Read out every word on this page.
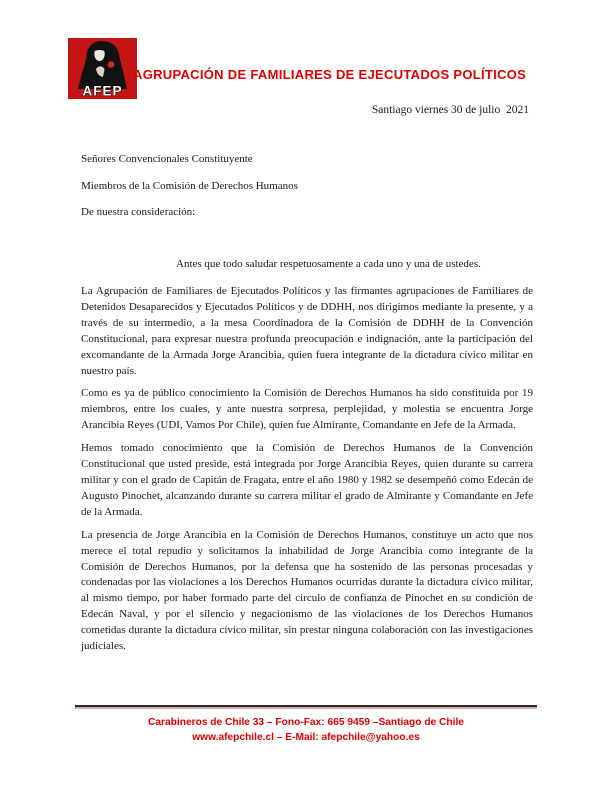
AFEP
AGRUPACIÓN DE FAMILIARES DE EJECUTADOS POLÍTICOS
Santiago viernes 30 de julio  2021
Señores Convencionales Constituyente
Miembros de la Comisión de Derechos Humanos
De nuestra consideración:
Antes que todo saludar respetuosamente a cada uno y una de ustedes.

La Agrupación de Familiares de Ejecutados Políticos y las firmantes agrupaciones de Familiares de Detenidos Desaparecidos y Ejecutados Políticos y de DDHH, nos dirigimos mediante la presente, y a través de su intermedio, a la mesa Coordinadora de la Comisión de DDHH de la Convención Constitucional, para expresar nuestra profunda preocupación e indignación, ante la participación del excomandante de la Armada Jorge Arancibia, quien fuera integrante de la dictadura cívico militar en nuestro país.

Como es ya de público conocimiento la Comisión de Derechos Humanos ha sido constituida por 19 miembros, entre los cuales, y ante nuestra sorpresa, perplejidad, y molestia se encuentra Jorge Arancibia Reyes (UDI, Vamos Por Chile), quien fue Almirante, Comandante en Jefe de la Armada.

Hemos tomado conocimiento que la Comisión de Derechos Humanos de la Convención Constitucional que usted preside, está integrada por Jorge Arancibia Reyes, quien durante su carrera militar y con el grado de Capitán de Fragata, entre el año 1980 y 1982 se desempeñó como Edecán de Augusto Pinochet, alcanzando durante su carrera militar el grado de Almirante y Comandante en Jefe de la Armada.

La presencia de Jorge Arancibia en la Comisión de Derechos Humanos, constituye un acto que nos merece el total repudio y solicitamos la inhabilidad de Jorge Arancibia como integrante de la Comisión de Derechos Humanos, por la defensa que ha sostenido de las personas procesadas y condenadas por las violaciones a los Derechos Humanos ocurridas durante la dictadura cívico militar, al mismo tiempo, por haber formado parte del circulo de confianza de Pinochet en su condición de Edecán Naval, y por el silencio y negacionismo de las violaciones de los Derechos Humanos cometidas durante la dictadura cívico militar, sin prestar ninguna colaboración con las investigaciones judiciales.

Carabineros de Chile 33 – Fono-Fax: 665 9459 –Santiago de Chile
www.afepchile.cl – E-Mail: afepchile@yahoo.es
